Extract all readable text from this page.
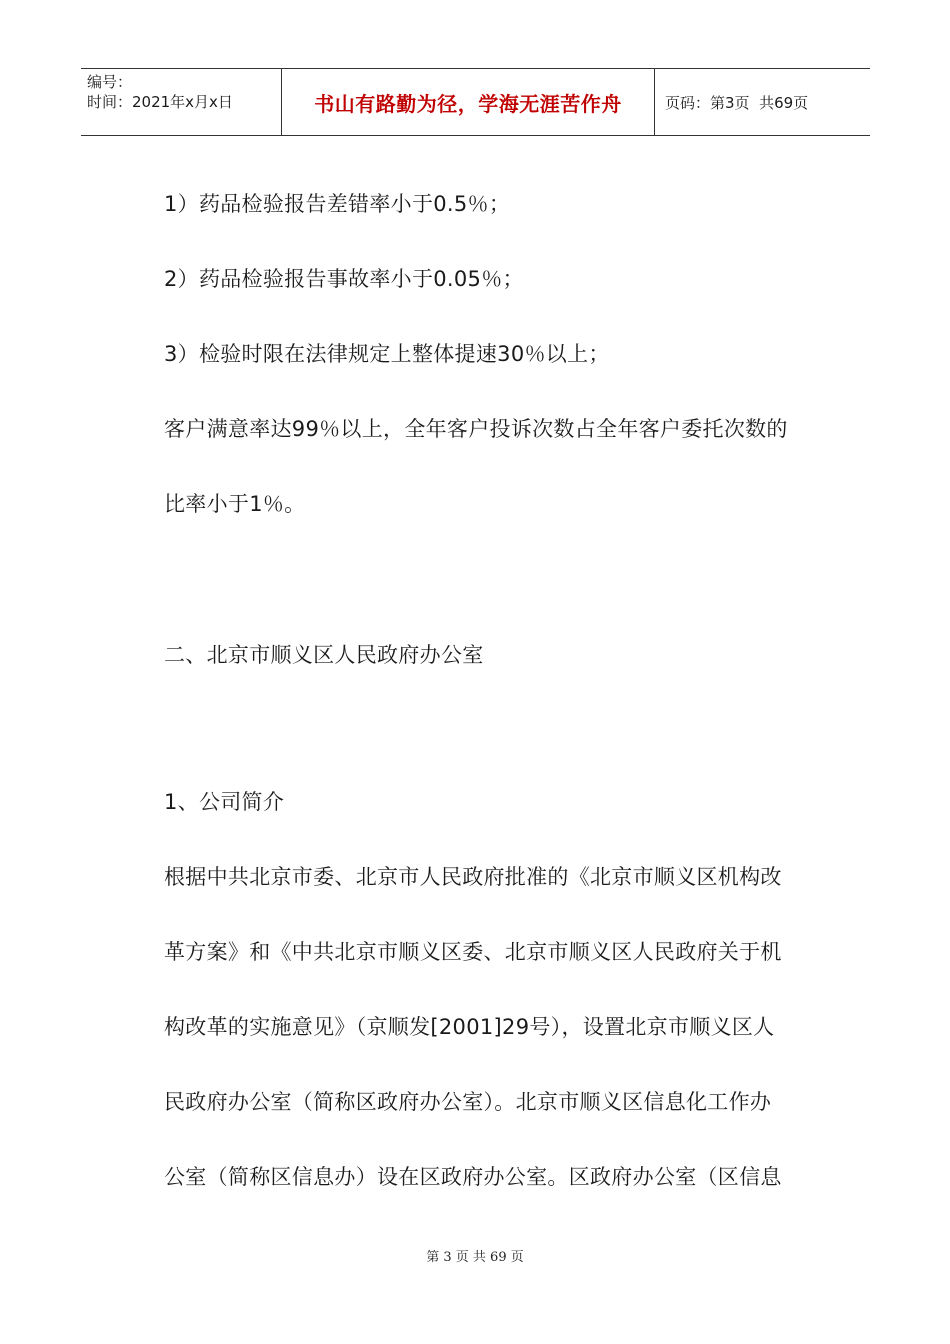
编号：
时间：2021年x月x日	书山有路勤为径，学海无涯苦作舟	页码：第3页  共69页
1）药品检验报告差错率小于0.5％；
2）药品检验报告事故率小于0.05％；
3）检验时限在法律规定上整体提速30％以上；
客户满意率达99％以上，全年客户投诉次数占全年客户委托次数的
比率小于1％。
二、北京市顺义区人民政府办公室
1、公司简介
根据中共北京市委、北京市人民政府批准的《北京市顺义区机构改
革方案》和《中共北京市顺义区委、北京市顺义区人民政府关于机
构改革的实施意见》（京顺发[2001]29号），设置北京市顺义区人
民政府办公室（简称区政府办公室）。北京市顺义区信息化工作办
公室（简称区信息办）设在区政府办公室。区政府办公室（区信息
第 3 页 共 69 页
